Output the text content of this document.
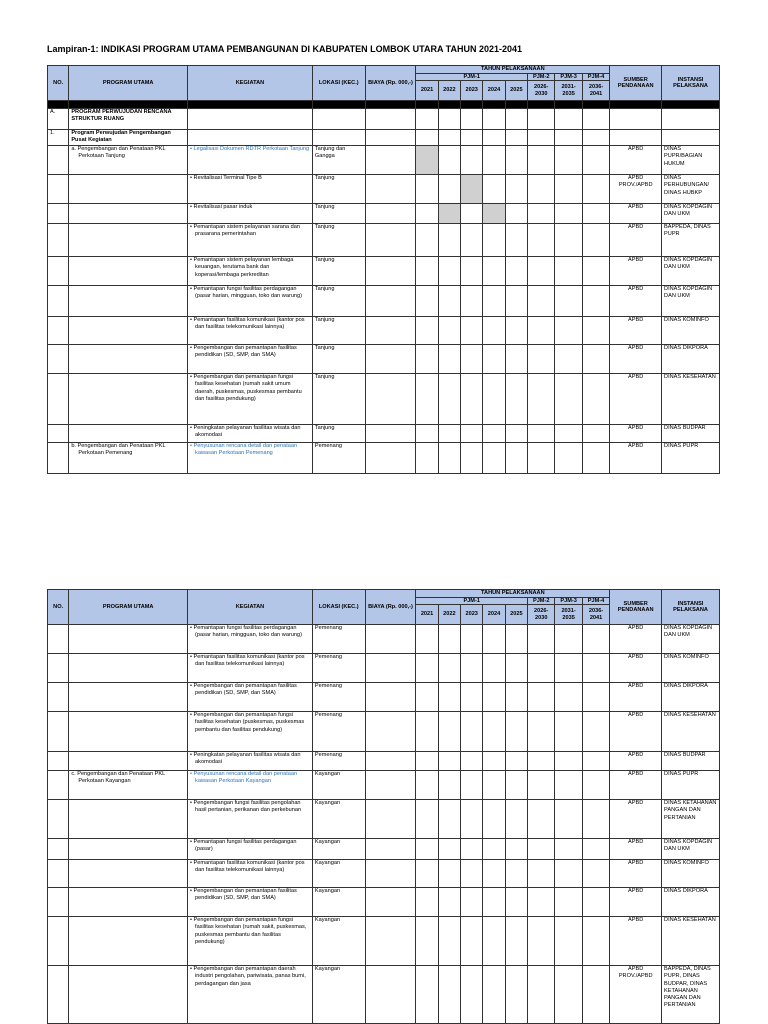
Lampiran-1: INDIKASI PROGRAM UTAMA PEMBANGUNAN DI KABUPATEN LOMBOK UTARA TAHUN 2021-2041
NO.	PROGRAM UTAMA	KEGIATAN	LOKASI (KEC.)	BIAYA (Rp. 000,-)	TAHUN PELAKSANAAN								SUMBER PENDANAAN	INSTANSI PELAKSANA
					PJM-1					PJM-2	PJM-3	PJM-4		
					2021	2022	2023	2024	2025	2026-2030	2031-2035	2036-2041		

A.	PROGRAM PERWUJUDAN RENCANA STRUKTUR RUANG													
1.	Program Perwujudan Pengembangan Pusat Kegiatan													
	a. Pengembangan dan Penataan PKL Perkotaan Tanjung	• Legalisasi Dokumen RDTR Perkotaan Tanjung	Tanjung dan Gangga										APBD	DINAS PUPR/BAGIAN HUKUM
		• Revitalisasi Terminal Tipe B	Tanjung										APBD PROV./APBD	DINAS PERHUBUNGAN/ DINAS HUBKP
		• Revitalisasi pasar induk	Tanjung										APBD	DINAS KOPDAGIN DAN UKM
		• Pemantapan sistem pelayanan sarana dan prasarana pemerintahan	Tanjung										APBD	BAPPEDA, DINAS PUPR
		• Pemantapan sistem pelayanan lembaga keuangan, terutama bank dan koperasi/lembaga perkreditan	Tanjung										APBD	DINAS KOPDAGIN DAN UKM
		• Pemantapan fungsi fasilitas perdagangan (pasar harian, mingguan, toko dan warung)	Tanjung										APBD	DINAS KOPDAGIN DAN UKM
		• Pemantapan fasilitas komunikasi (kantor pos dan fasilitas telekomunikasi lainnya)	Tanjung										APBD	DINAS KOMINFO
		• Pengembangan dan pemantapan fasilitas pendidikan (SD, SMP, dan SMA)	Tanjung										APBD	DINAS DIKPORA
		• Pengembangan dan pemantapan fungsi fasilitas kesehatan (rumah sakit umum daerah, puskesmas, puskesmas pembantu dan fasilitas pendukung)	Tanjung										APBD	DINAS KESEHATAN
		• Peningkatan pelayanan fasilitas wisata dan akomodasi	Tanjung										APBD	DINAS BUDPAR
	b. Pengembangan dan Penataan PKL Perkotaan Pemenang	• Penyusunan rencana detail dan penataan kawasan Perkotaan Pemenang	Pemenang										APBD	DINAS PUPR
NO.	PROGRAM UTAMA	KEGIATAN	LOKASI (KEC.)	BIAYA (Rp. 000,-)	TAHUN PELAKSANAAN								SUMBER PENDANAAN	INSTANSI PELAKSANA
					PJM-1					PJM-2	PJM-3	PJM-4		
					2021	2022	2023	2024	2025	2026-2030	2031-2035	2036-2041		
		• Pemantapan fungsi fasilitas perdagangan (pasar harian, mingguan, toko dan warung)	Pemenang										APBD	DINAS KOPDAGIN DAN UKM
		• Pemantapan fasilitas komunikasi (kantor pos dan fasilitas telekomunikasi lainnya)	Pemenang										APBD	DINAS KOMINFO
		• Pengembangan dan pemantapan fasilitas pendidikan (SD, SMP, dan SMA)	Pemenang										APBD	DINAS DIKPORA
		• Pengembangan dan pemantapan fungsi fasilitas kesehatan (puskesmas, puskesmas pembantu dan fasilitas pendukung)	Pemenang										APBD	DINAS KESEHATAN
		• Peningkatan pelayanan fasilitas wisata dan akomodasi	Pemenang										APBD	DINAS BUDPAR
	c. Pengembangan dan Penataan PKL Perkotaan Kayangan	• Penyusunan rencana detail dan penataan kawasan Perkotaan Kayangan	Kayangan										APBD	DINAS PUPR
		• Pengembangan fungsi fasilitas pengolahan hasil pertanian, perikanan dan perkebunan	Kayangan										APBD	DINAS KETAHANAN PANGAN DAN PERTANIAN
		• Pemantapan fungsi fasilitas perdagangan (pasar)	Kayangan										APBD	DINAS KOPDAGIN DAN UKM
		• Pemantapan fasilitas komunikasi (kantor pos dan fasilitas telekomunikasi lainnya)	Kayangan										APBD	DINAS KOMINFO
		• Pengembangan dan pemantapan fasilitas pendidikan (SD, SMP, dan SMA)	Kayangan										APBD	DINAS DIKPORA
		• Pengembangan dan pemantapan fungsi fasilitas kesehatan (rumah sakit, puskesmas, puskesmas pembantu dan fasilitas pendukung)	Kayangan										APBD	DINAS KESEHATAN
		• Pengembangan dan pemantapan daerah industri pengolahan, pariwisata, panas bumi, perdagangan dan jasa	Kayangan										APBD PROV./APBD	BAPPEDA, DINAS PUPR, DINAS BUDPAR, DINAS KETAHANAN PANGAN DAN PERTANIAN
